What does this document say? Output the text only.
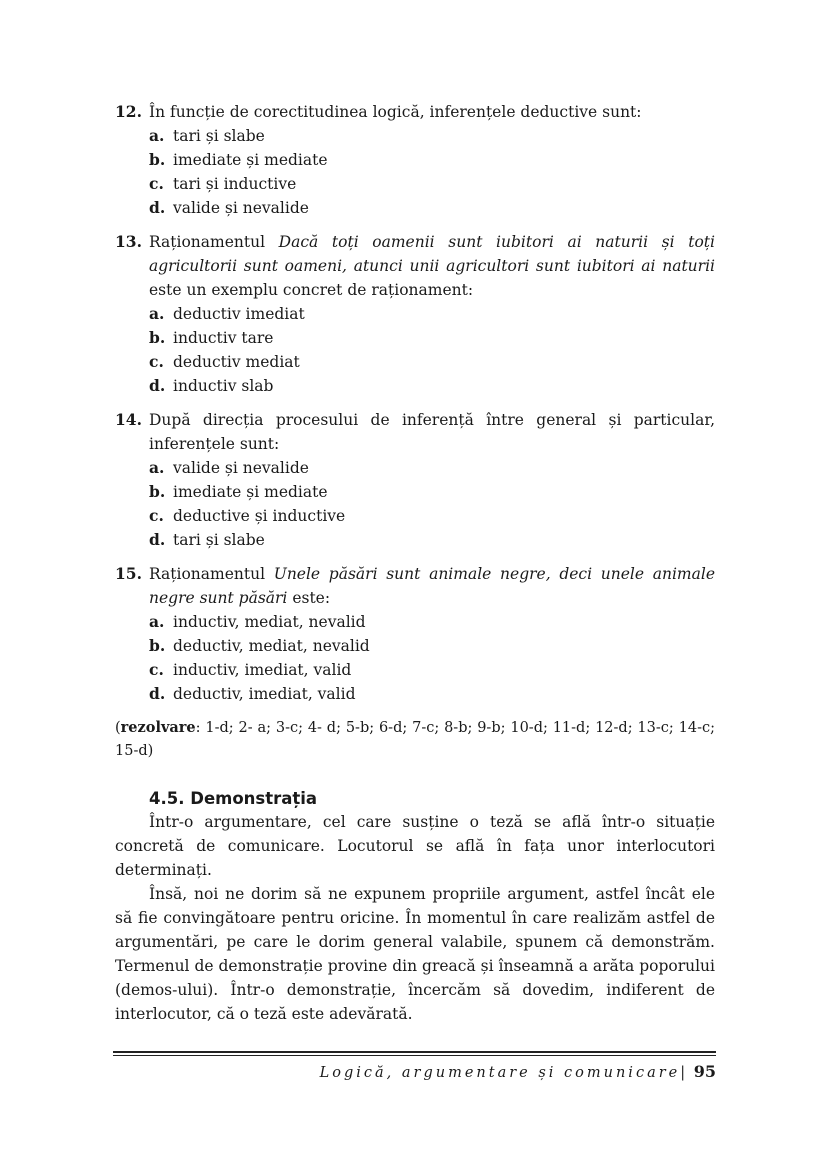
12. În funcție de corectitudinea logică, inferențele deductive sunt:
a. tari și slabe
b. imediate și mediate
c. tari și inductive
d. valide și nevalide
13. Raționamentul Dacă toți oamenii sunt iubitori ai naturii și toți agricultorii sunt oameni, atunci unii agricultori sunt iubitori ai naturii este un exemplu concret de raționament:
a. deductiv imediat
b. inductiv tare
c. deductiv mediat
d. inductiv slab
14. După direcția procesului de inferență între general și particular, inferențele sunt:
a. valide și nevalide
b. imediate și mediate
c. deductive și inductive
d. tari și slabe
15. Raționamentul Unele păsări sunt animale negre, deci unele animale negre sunt păsări este:
a. inductiv, mediat, nevalid
b. deductiv, mediat, nevalid
c. inductiv, imediat, valid
d. deductiv, imediat, valid
(rezolvare: 1-d; 2- a; 3-c; 4- d; 5-b; 6-d; 7-c; 8-b; 9-b; 10-d; 11-d; 12-d; 13-c; 14-c; 15-d)
4.5. Demonstrația

Într-o argumentare, cel care susține o teză se află într-o situație concretă de comunicare. Locutorul se află în fața unor interlocutori determinați.

Însă, noi ne dorim să ne expunem propriile argument, astfel încât ele să fie convingătoare pentru oricine. În momentul în care realizăm astfel de argumentări, pe care le dorim general valabile, spunem că demonstrăm. Termenul de demonstrație provine din greacă și înseamnă a arăta poporului (demos-ului). Într-o demonstrație, încercăm să dovedim, indiferent de interlocutor, că o teză este adevărată.

Logică, argumentare și comunicare| 95
